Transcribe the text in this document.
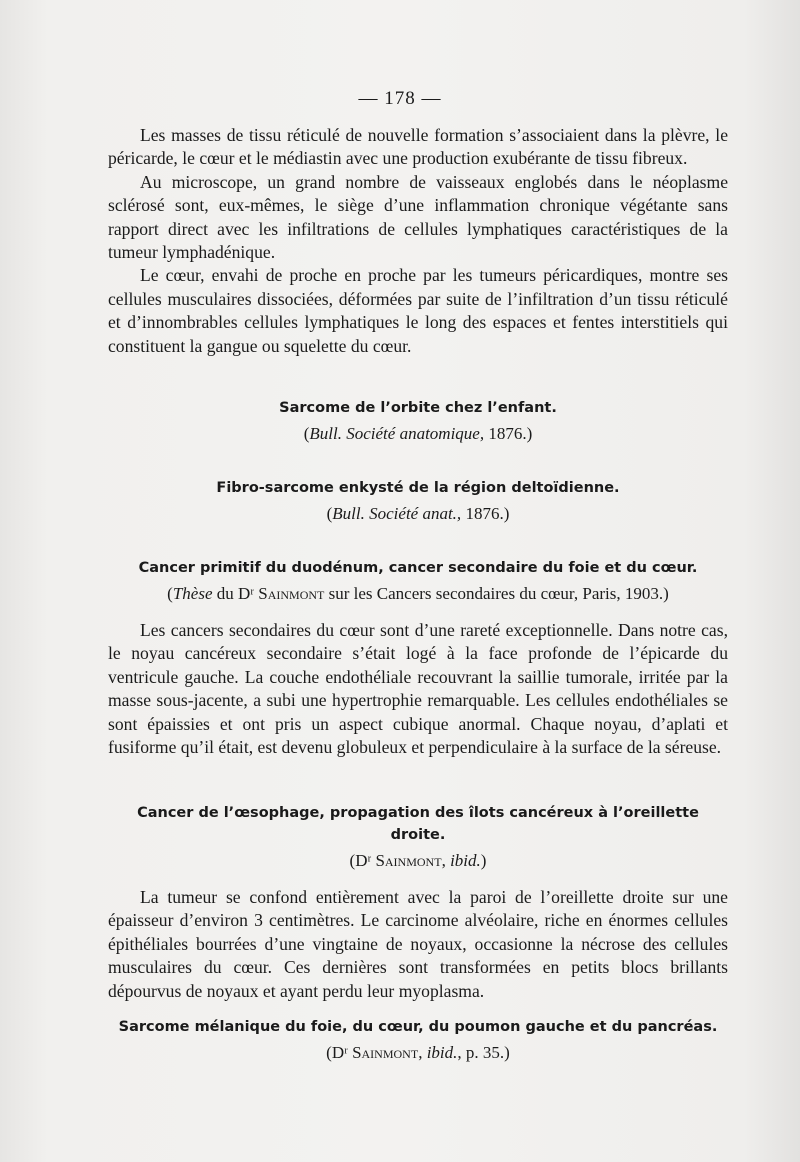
— 178 —

Les masses de tissu réticulé de nouvelle formation s’associaient dans la plèvre, le péricarde, le cœur et le médiastin avec une production exubérante de tissu fibreux.

Au microscope, un grand nombre de vaisseaux englobés dans le néoplasme sclérosé sont, eux-mêmes, le siège d’une inflammation chronique végétante sans rapport direct avec les infiltrations de cellules lymphatiques caractéristiques de la tumeur lymphadénique.

Le cœur, envahi de proche en proche par les tumeurs péricardiques, montre ses cellules musculaires dissociées, déformées par suite de l’infiltration d’un tissu réticulé et d’innombrables cellules lymphatiques le long des espaces et fentes interstitiels qui constituent la gangue ou squelette du cœur.

Sarcome de l’orbite chez l’enfant.

(Bull. Société anatomique, 1876.)

Fibro-sarcome enkysté de la région deltoïdienne.

(Bull. Société anat., 1876.)

Cancer primitif du duodénum, cancer secondaire du foie et du cœur.

(Thèse du Dʳ Sainmont sur les Cancers secondaires du cœur, Paris, 1903.)

Les cancers secondaires du cœur sont d’une rareté exceptionnelle. Dans notre cas, le noyau cancéreux secondaire s’était logé à la face profonde de l’épicarde du ventricule gauche. La couche endothéliale recouvrant la saillie tumorale, irritée par la masse sous-jacente, a subi une hypertrophie remarquable. Les cellules endothéliales se sont épaissies et ont pris un aspect cubique anormal. Chaque noyau, d’aplati et fusiforme qu’il était, est devenu globuleux et perpendiculaire à la surface de la séreuse.

Cancer de l’œsophage, propagation des îlots cancéreux à l’oreillette droite.

(Dʳ Sainmont, ibid.)

La tumeur se confond entièrement avec la paroi de l’oreillette droite sur une épaisseur d’environ 3 centimètres. Le carcinome alvéolaire, riche en énormes cellules épithéliales bourrées d’une vingtaine de noyaux, occasionne la nécrose des cellules musculaires du cœur. Ces dernières sont transformées en petits blocs brillants dépourvus de noyaux et ayant perdu leur myoplasma.

Sarcome mélanique du foie, du cœur, du poumon gauche et du pancréas.

(Dʳ Sainmont, ibid., p. 35.)
